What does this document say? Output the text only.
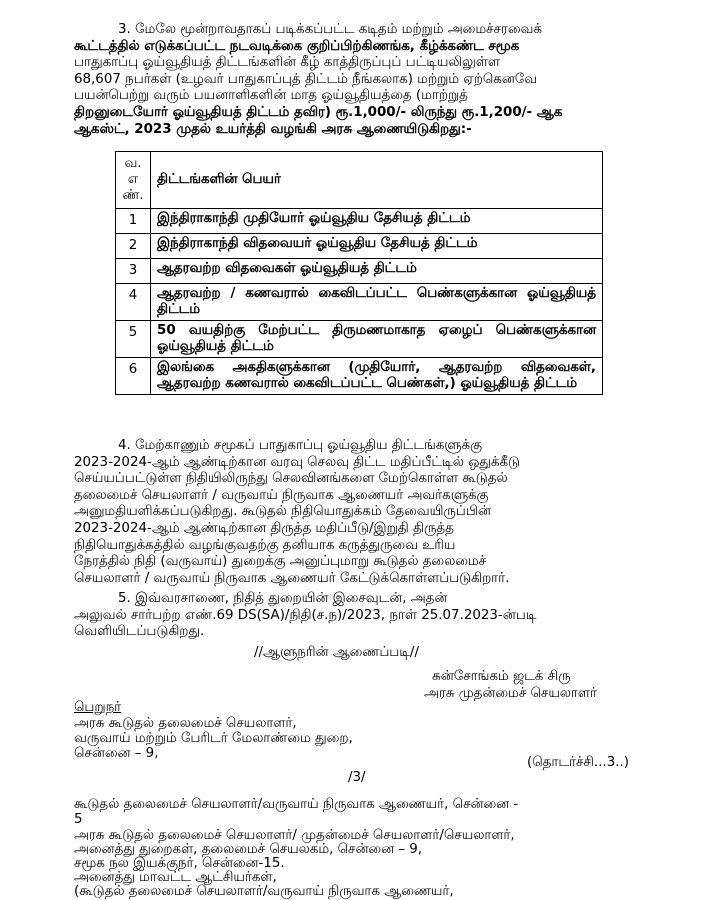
3. மேலே மூன்றாவதாகப் படிக்கப்பட்ட கடிதம் மற்றும் அமைச்சரவைக்

கூட்டத்தில் எடுக்கப்பட்ட நடவடிக்கை குறிப்பிற்கிணங்க, கீழ்க்கண்ட சமூக

பாதுகாப்பு ஓய்வூதியத் திட்டங்களின் கீழ் காத்திருப்புப் பட்டியலிலுள்ள

68,607 நபர்கள் (உழவர் பாதுகாப்புத் திட்டம் நீங்கலாக) மற்றும் ஏற்கெனவே

பயன்பெற்று வரும் பயனாளிகளின் மாத ஓய்வூதியத்தை (மாற்றுத்

திறனுடையோர் ஓய்வூதியத் திட்டம் தவிர) ரூ.1,000/- லிருந்து ரூ.1,200/- ஆக

ஆகஸ்ட், 2023 முதல் உயர்த்தி வழங்கி அரசு ஆணையிடுகிறது:-

வ. எ ண்.	திட்டங்களின் பெயர்
1	இந்திராகாந்தி முதியோர் ஓய்வூதிய தேசியத் திட்டம்
2	இந்திராகாந்தி விதவையர் ஓய்வூதிய தேசியத் திட்டம்
3	ஆதரவற்ற விதவைகள் ஓய்வூதியத் திட்டம்
4	ஆதரவற்ற / கணவரால் கைவிடப்பட்ட பெண்களுக்கான ஓய்வூதியத் திட்டம்
5	50 வயதிற்கு மேற்பட்ட திருமணமாகாத ஏழைப் பெண்களுக்கான ஓய்வூதியத் திட்டம்
6	இலங்கை அகதிகளுக்கான (முதியோர், ஆதரவற்ற விதவைகள், ஆதரவற்ற கணவரால் கைவிடப்பட்ட பெண்கள்,) ஓய்வூதியத் திட்டம்

4. மேற்காணும் சமூகப் பாதுகாப்பு ஓய்வூதிய திட்டங்களுக்கு

2023-2024-ஆம் ஆண்டிற்கான வரவு செலவு திட்ட மதிப்பீட்டில் ஒதுக்கீடு

செய்யப்பட்டுள்ள நிதியிலிருந்து செலவினங்களை மேற்கொள்ள கூடுதல்

தலைமைச் செயலாளர் / வருவாய் நிருவாக ஆணையர் அவர்களுக்கு

அனுமதியளிக்கப்படுகிறது. கூடுதல் நிதியொதுக்கம் தேவையிருப்பின்

2023-2024-ஆம் ஆண்டிற்கான திருத்த மதிப்பீடு/இறுதி திருத்த

நிதியொதுக்கத்தில் வழங்குவதற்கு தனியாக கருத்துருவை உரிய

நேரத்தில் நிதி (வருவாய்) துறைக்கு அனுப்புமாறு கூடுதல் தலைமைச்

செயலாளர் / வருவாய் நிருவாக ஆணையர் கேட்டுக்கொள்ளப்படுகிறார்.

5. இவ்வரசாணை, நிதித் துறையின் இசைவுடன், அதன்

அலுவல் சார்பற்ற எண்.69 DS(SA)/நிதி(ச.ந)/2023, நாள் 25.07.2023-ன்படி

வெளியிடப்படுகிறது.

//ஆளுநரின் ஆணைப்படி//
சுன்சோங்கம் ஜடக் சிரு
அரசு முதன்மைச் செயலாளர்
பெறுநர்
அரசு கூடுதல் தலைமைச் செயலாளர்,
வருவாய் மற்றும் பேரிடர் மேலாண்மை துறை,
சென்னை – 9,
(தொடர்ச்சி...3..)
/3/
கூடுதல் தலைமைச் செயலாளர்/வருவாய் நிருவாக ஆணையர், சென்னை -
5
அரசு கூடுதல் தலைமைச் செயலாளர்/ முதன்மைச் செயலாளர்/செயலாளர்,
அனைத்து துறைகள், தலைமைச் செயலகம், சென்னை – 9,
சமூக நல இயக்குநர், சென்னை-15.
அனைத்து மாவட்ட ஆட்சியர்கள்,
(கூடுதல் தலைமைச் செயலாளர்/வருவாய் நிருவாக ஆணையர்,
